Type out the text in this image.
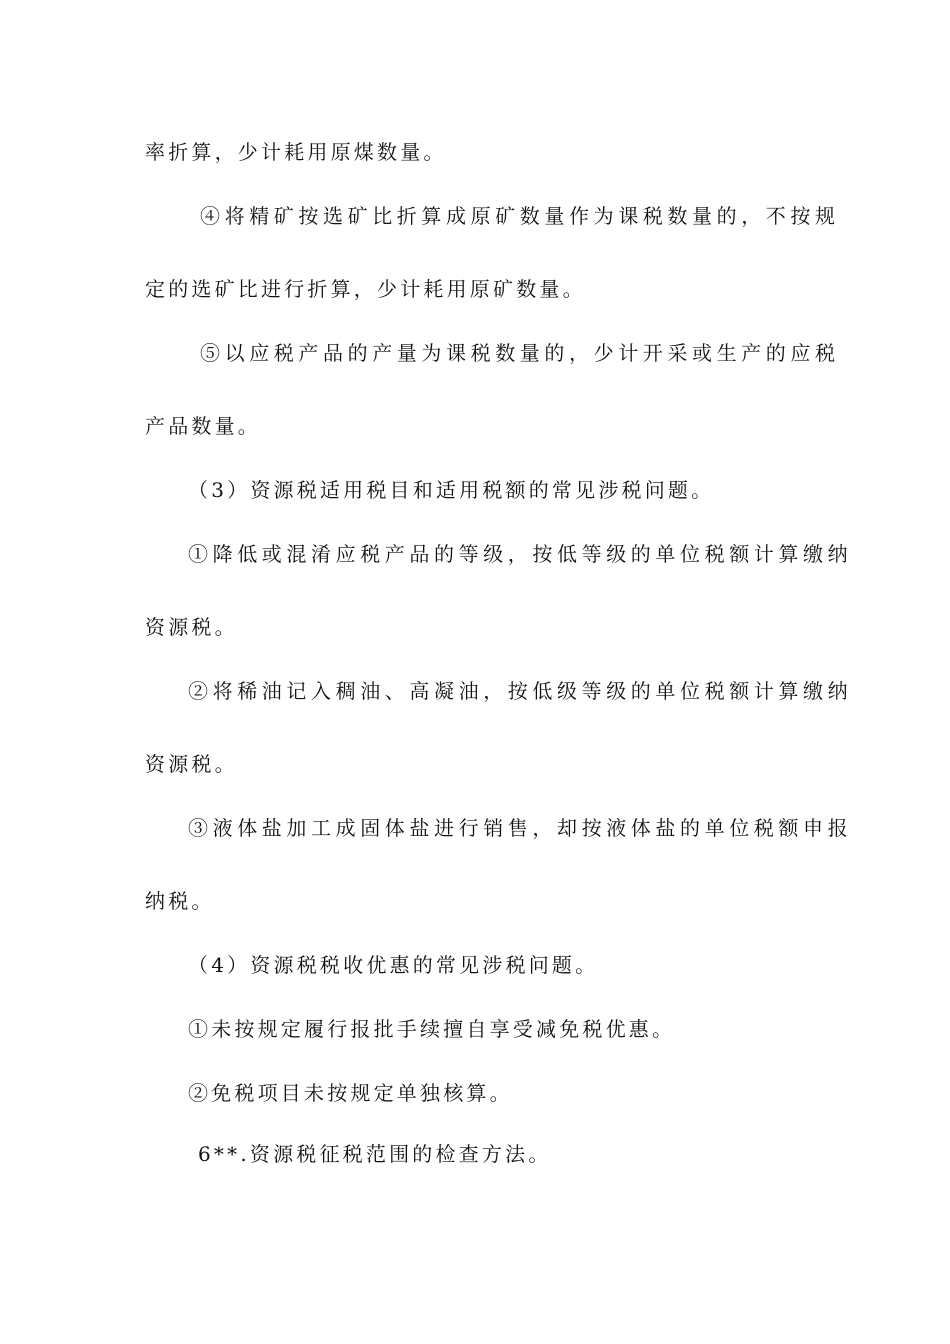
率折算，少计耗用原煤数量。
④将精矿按选矿比折算成原矿数量作为课税数量的，不按规
定的选矿比进行折算，少计耗用原矿数量。
⑤以应税产品的产量为课税数量的，少计开采或生产的应税
产品数量。
（3）资源税适用税目和适用税额的常见涉税问题。
①降低或混淆应税产品的等级，按低等级的单位税额计算缴纳
资源税。
②将稀油记入稠油、高凝油，按低级等级的单位税额计算缴纳
资源税。
③液体盐加工成固体盐进行销售，却按液体盐的单位税额申报
纳税。
（4）资源税税收优惠的常见涉税问题。
①未按规定履行报批手续擅自享受减免税优惠。
②免税项目未按规定单独核算。
6**.资源税征税范围的检查方法。
